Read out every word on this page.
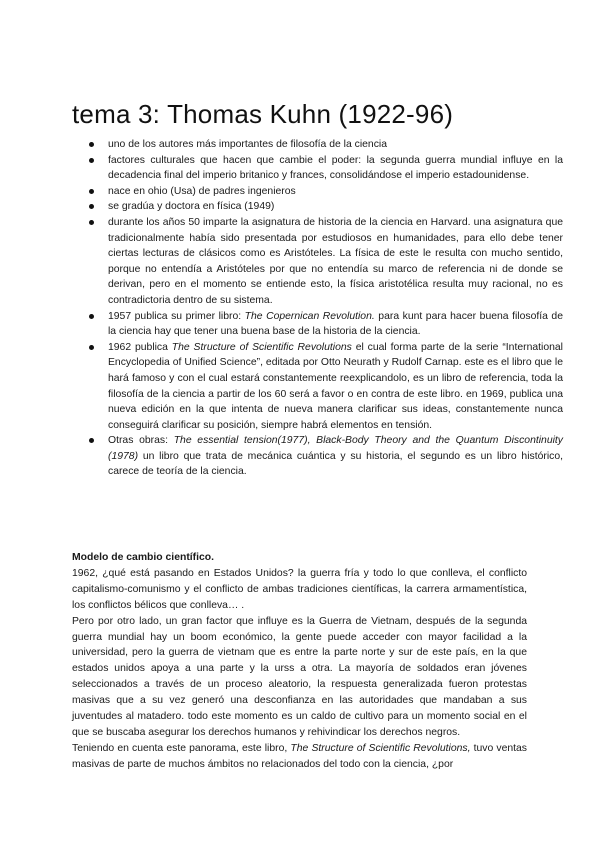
tema 3: Thomas Kuhn (1922-96)
uno de los autores más importantes de filosofía de la ciencia
factores culturales que hacen que cambie el poder: la segunda guerra mundial influye en la decadencia final del imperio britanico y frances, consolidándose el imperio estadounidense.
nace en ohio (Usa) de padres ingenieros
se gradúa y doctora en física (1949)
durante los años 50 imparte la asignatura de historia de la ciencia en Harvard. una asignatura que tradicionalmente había sido presentada por estudiosos en humanidades, para ello debe tener ciertas lecturas de clásicos como es Aristóteles. La física de este le resulta con mucho sentido, porque no entendía a Aristóteles por que no entendía su marco de referencia ni de donde se derivan, pero en el momento se entiende esto, la física aristotélica resulta muy racional, no es contradictoria dentro de su sistema.
1957 publica su primer libro: The Copernican Revolution. para kunt para hacer buena filosofía de la ciencia hay que tener una buena base de la historia de la ciencia.
1962 publica The Structure of Scientific Revolutions el cual forma parte de la serie “International Encyclopedia of Unified Science”, editada por Otto Neurath y Rudolf Carnap. este es el libro que le hará famoso y con el cual estará constantemente reexplicandolo, es un libro de referencia, toda la filosofía de la ciencia a partir de los 60 será a favor o en contra de este libro. en 1969, publica una nueva edición en la que intenta de nueva manera clarificar sus ideas, constantemente nunca conseguirá clarificar su posición, siempre habrá elementos en tensión.
Otras obras: The essential tension(1977), Black-Body Theory and the Quantum Discontinuity (1978) un libro que trata de mecánica cuántica y su historia, el segundo es un libro histórico, carece de teoría de la ciencia.

Modelo de cambio científico.

1962, ¿qué está pasando en Estados Unidos? la guerra fría y todo lo que conlleva, el conflicto capitalismo-comunismo y el conflicto de ambas tradiciones científicas, la carrera armamentística, los conflictos bélicos que conlleva… .

Pero por otro lado, un gran factor que influye es la Guerra de Vietnam, después de la segunda guerra mundial hay un boom económico, la gente puede acceder con mayor facilidad a la universidad, pero la guerra de vietnam que es entre la parte norte y sur de este país, en la que estados unidos apoya a una parte y la urss a otra. La mayoría de soldados eran jóvenes seleccionados a través de un proceso aleatorio, la respuesta generalizada fueron protestas masivas que a su vez generó una desconfianza en las autoridades que mandaban a sus juventudes al matadero. todo este momento es un caldo de cultivo para un momento social en el que se buscaba asegurar los derechos humanos y rehivindicar los derechos negros.

Teniendo en cuenta este panorama, este libro, The Structure of Scientific Revolutions, tuvo ventas masivas de parte de muchos ámbitos no relacionados del todo con la ciencia, ¿por
